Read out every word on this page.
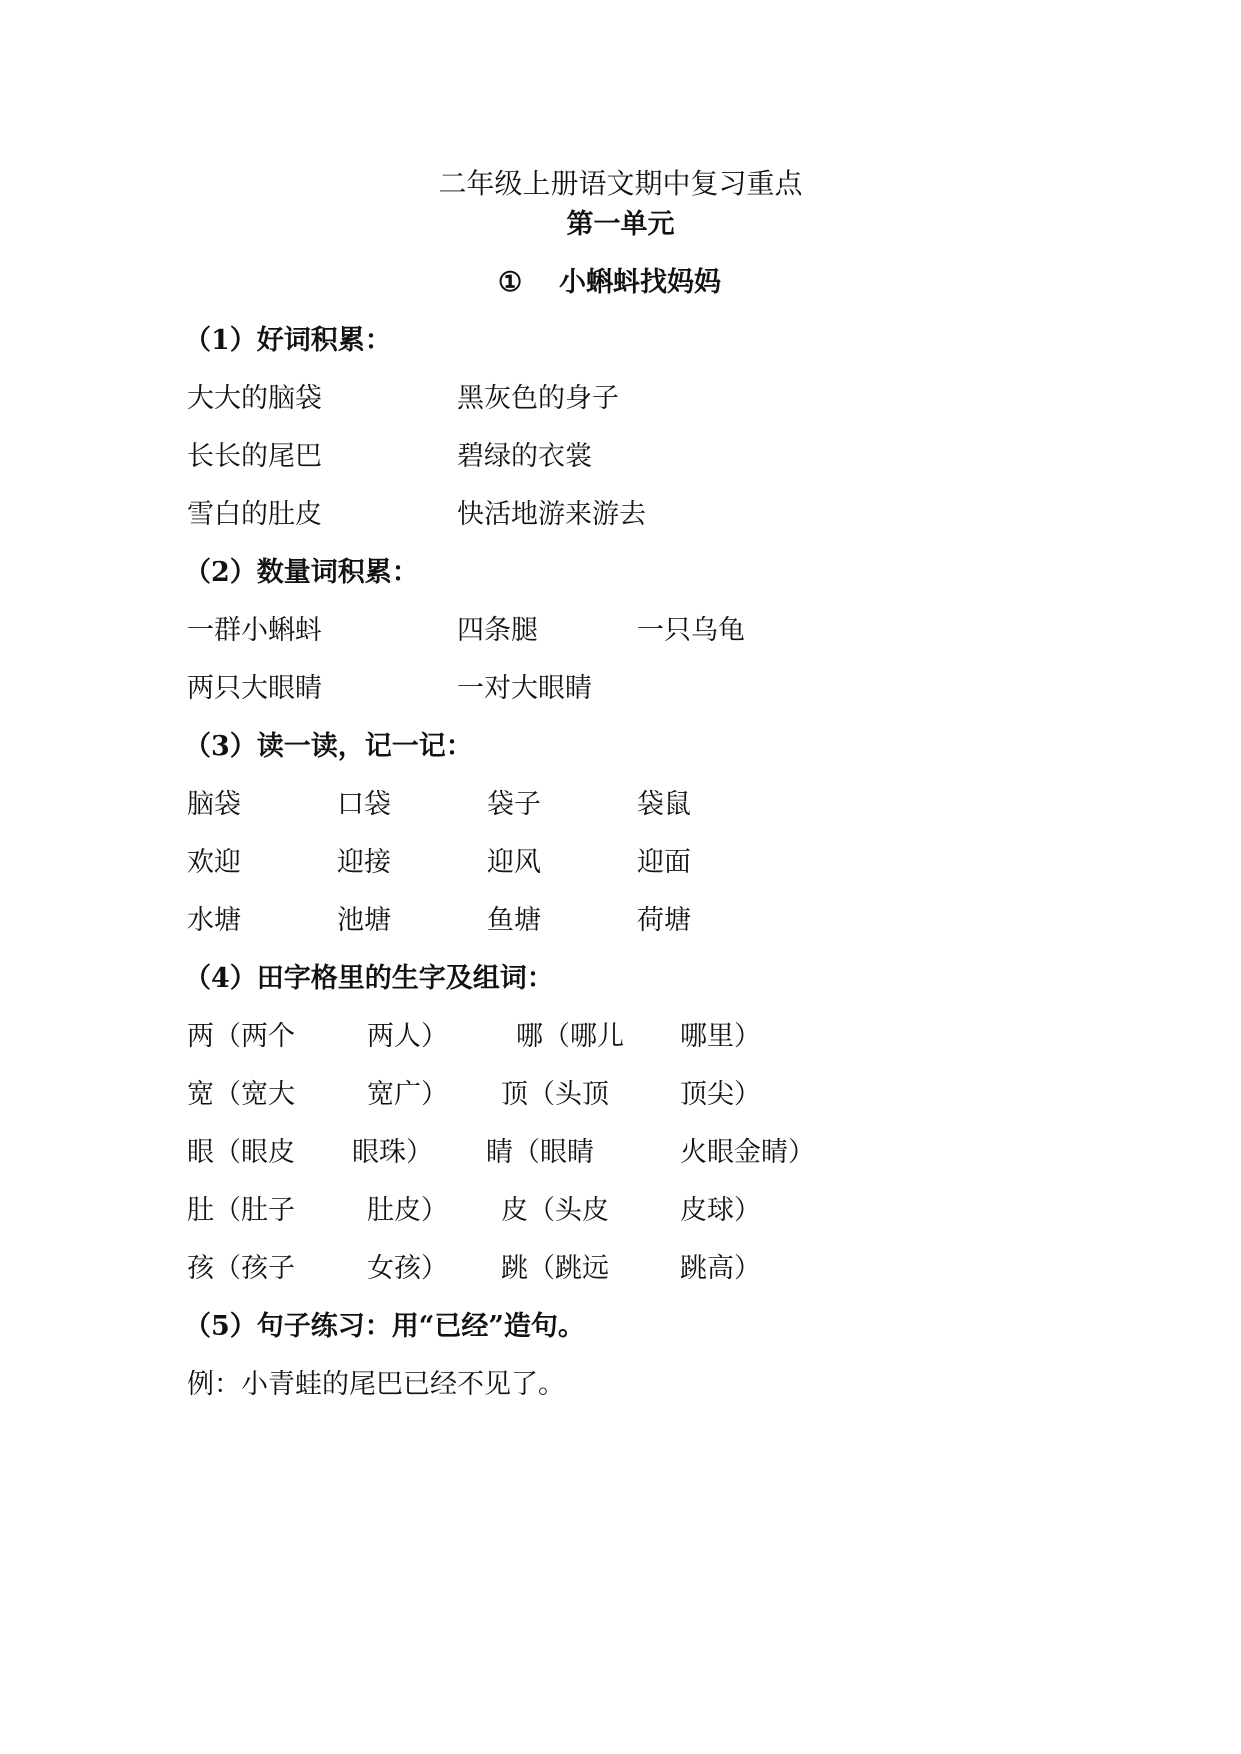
二年级上册语文期中复习重点
第一单元
① 小蝌蚪找妈妈
（1）好词积累：
大大的脑袋	黑灰色的身子
长长的尾巴	碧绿的衣裳
雪白的肚皮	快活地游来游去
（2）数量词积累：
一群小蝌蚪	四条腿	一只乌龟
两只大眼睛	一对大眼睛
（3）读一读，记一记：
脑袋	口袋	袋子	袋鼠
欢迎	迎接	迎风	迎面
水塘	池塘	鱼塘	荷塘
（4）田字格里的生字及组词：
两（两个	两人）	哪（哪儿 哪里）
宽（宽大	宽广） 顶（头顶	顶尖）
眼（眼皮 眼珠） 睛（眼睛	火眼金睛）
肚（肚子	肚皮） 皮（头皮	皮球）
孩（孩子	女孩） 跳（跳远	跳高）
（5）句子练习：用“已经”造句。
例：小青蛙的尾巴已经不见了。
